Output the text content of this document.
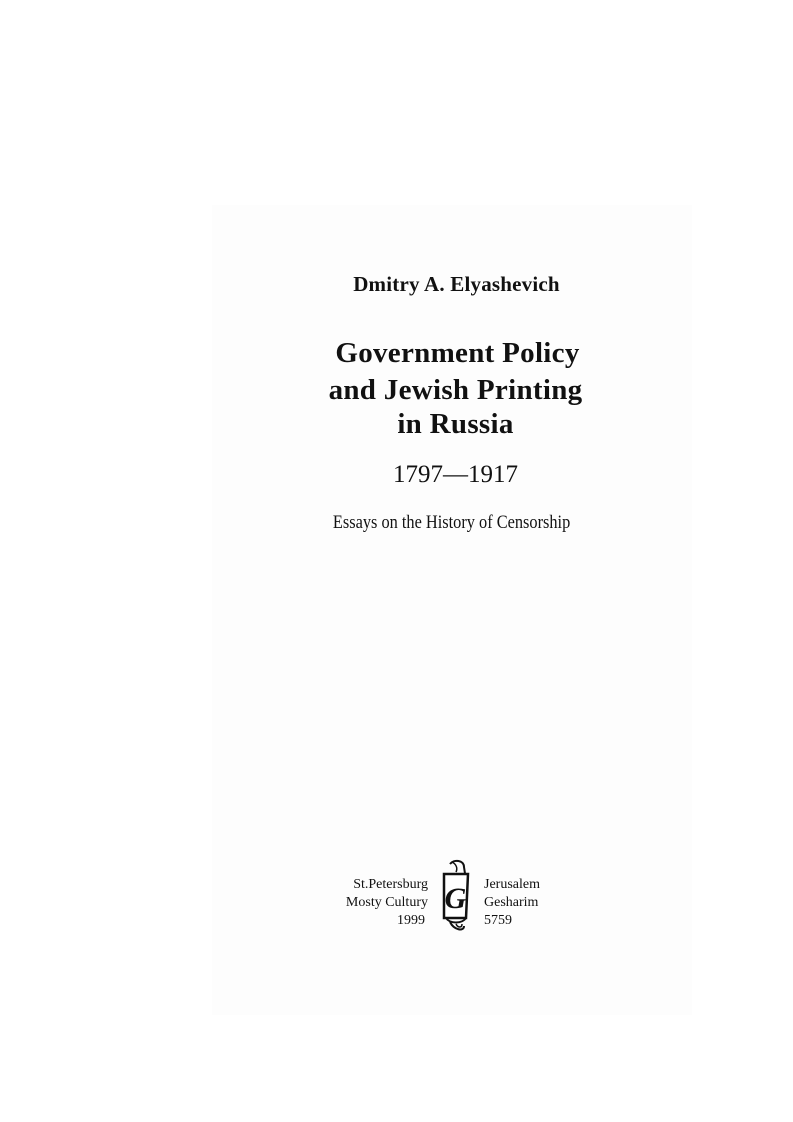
Dmitry A. Elyashevich
Government Policy
and Jewish Printing
in Russia
1797—1917
Essays on the History of Censorship
St.Petersburg
Mosty Cultury
1999
G Jerusalem
Gesharim
5759
